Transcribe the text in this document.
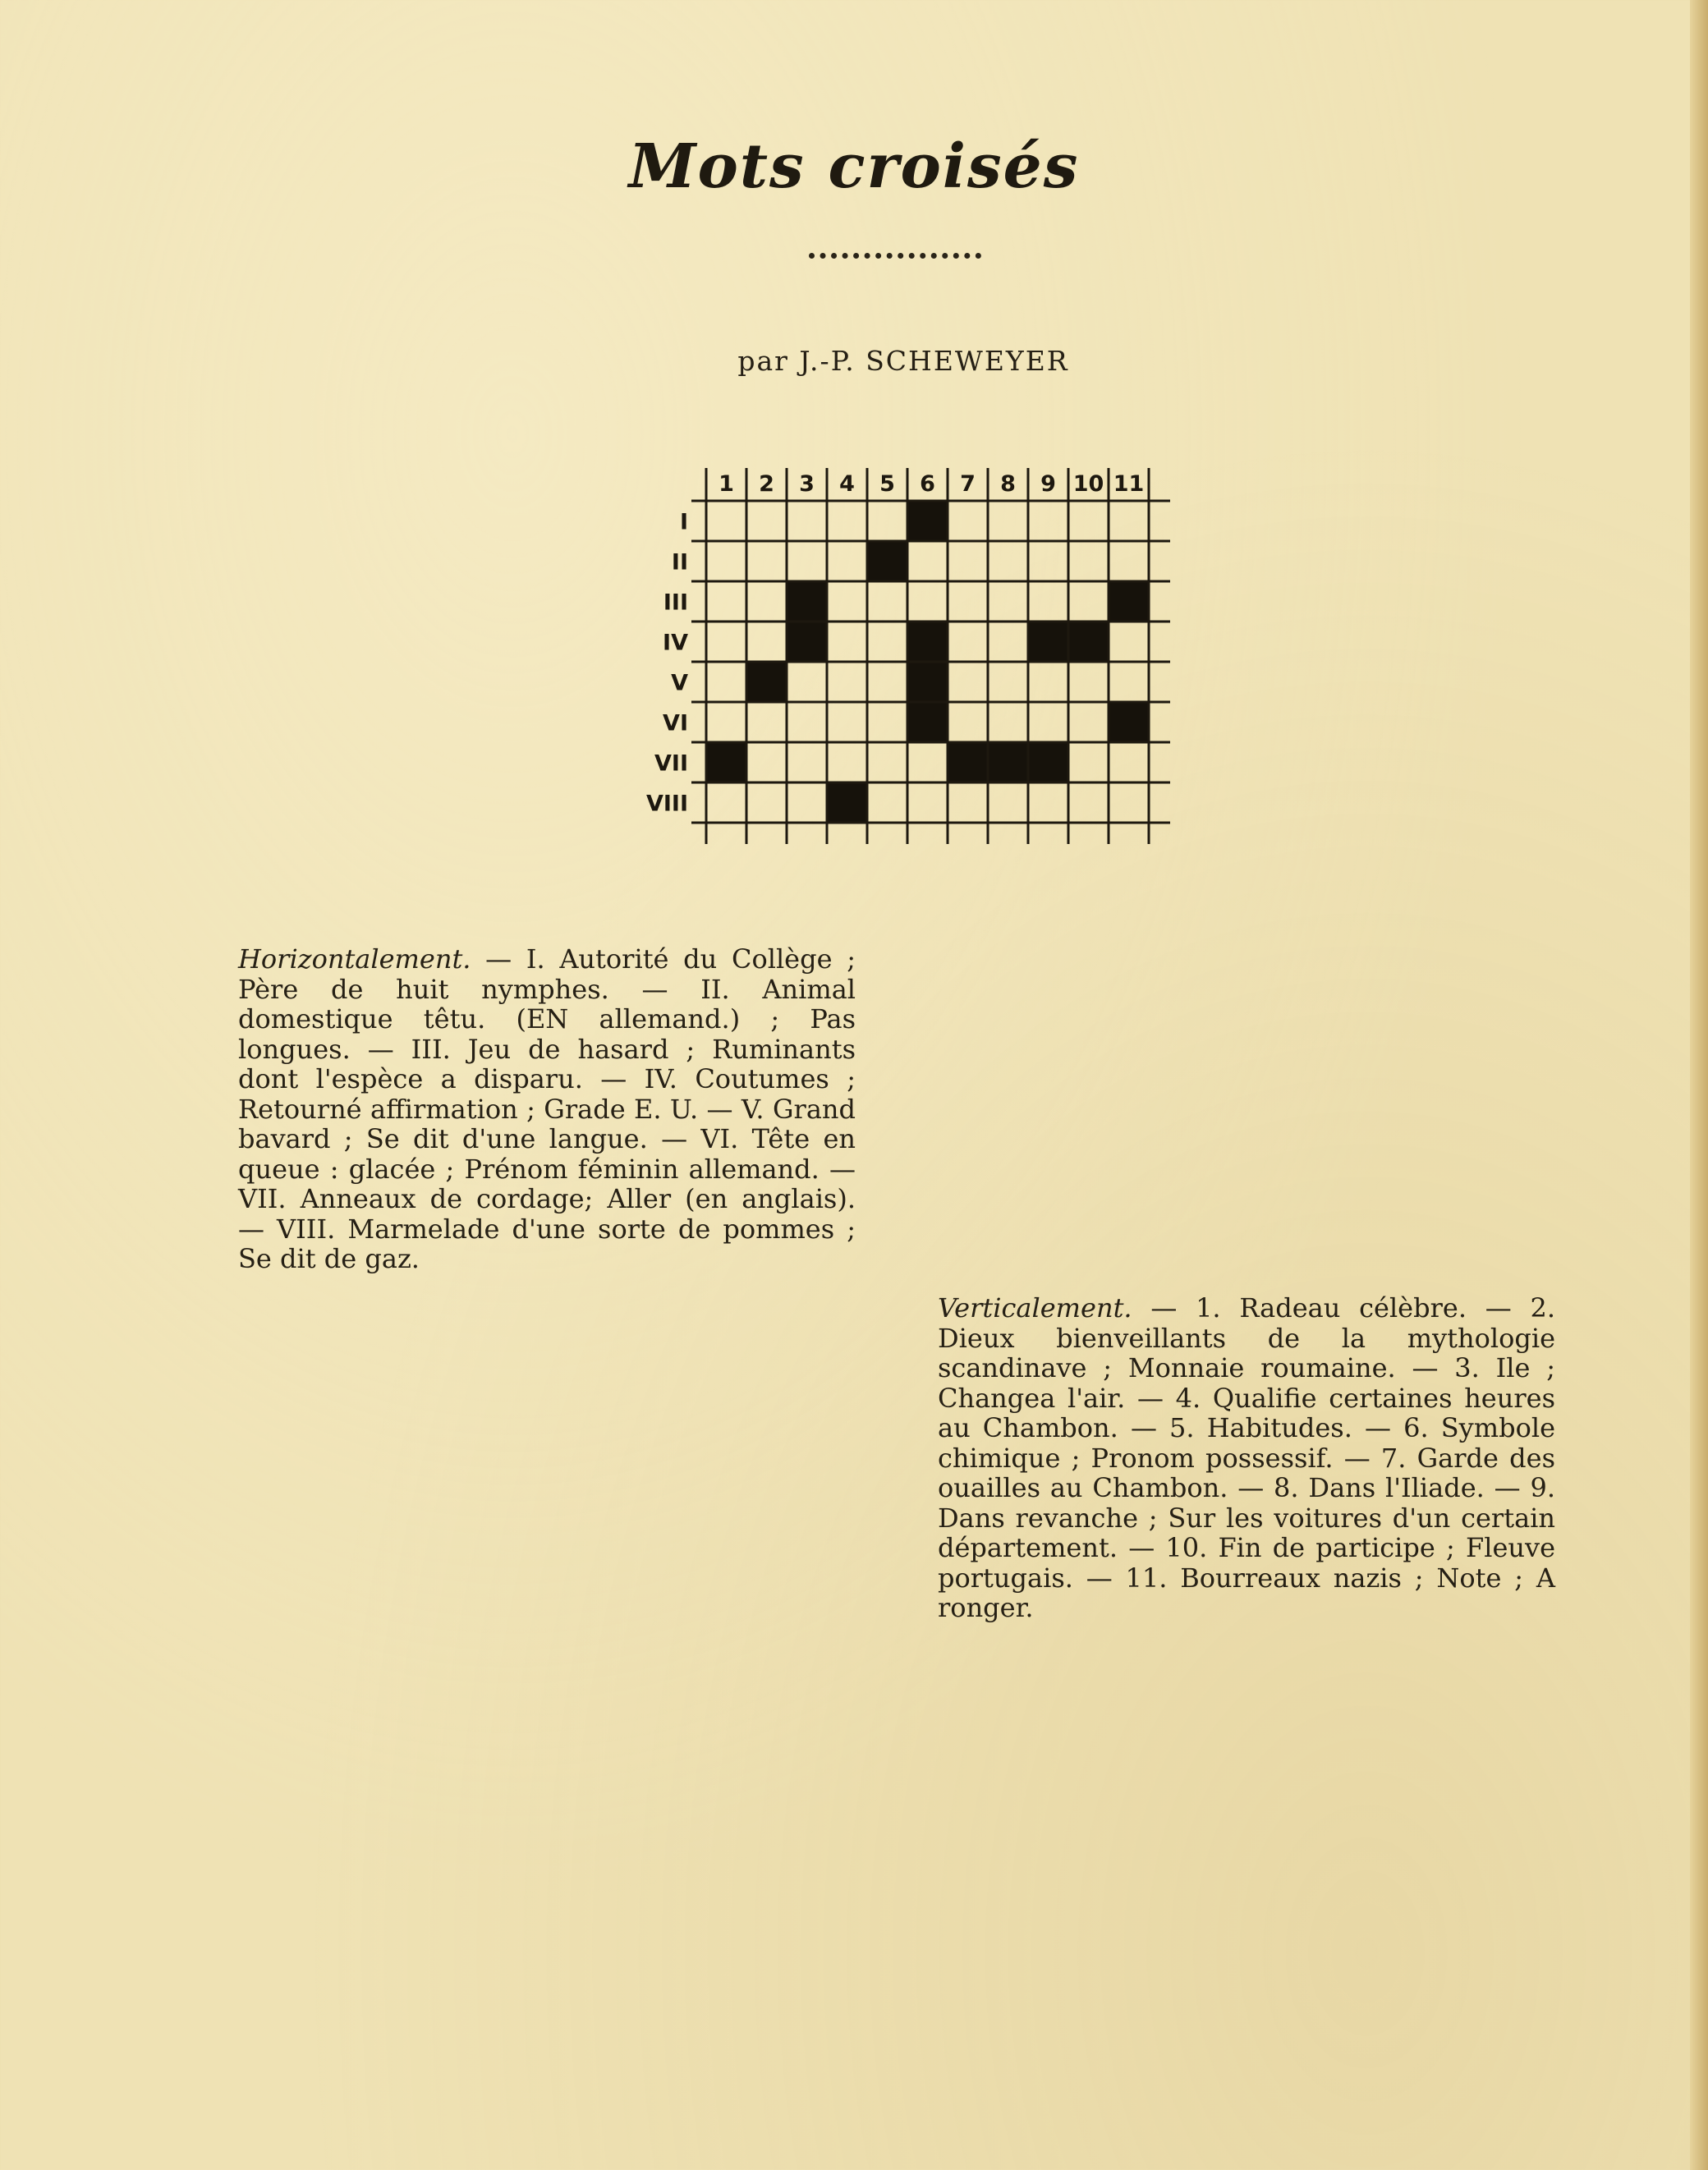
Mots croisés
par J.-P. SCHEWEYER
1 2 3 4 5 6 7 8 9 10 11
I
II
III
IV
V
VI
VII
VIII
Horizontalement. — I. Autorité du Collège ; Père de huit nymphes. — II. Animal domestique têtu. (EN allemand.) ; Pas longues. — III. Jeu de hasard ; Ruminants dont l'espèce a disparu. — IV. Coutumes ; Retourné affirmation ; Grade E. U. — V. Grand bavard ; Se dit d'une langue. — VI. Tête en queue : glacée ; Prénom féminin allemand. — VII. Anneaux de cordage; Aller (en anglais). — VIII. Marmelade d'une sorte de pommes ; Se dit de gaz.
Verticalement. — 1. Radeau célèbre. — 2. Dieux bienveillants de la mythologie scandinave ; Monnaie roumaine. — 3. Ile ; Changea l'air. — 4. Qualifie certaines heures au Chambon. — 5. Habitudes. — 6. Symbole chimique ; Pronom possessif. — 7. Garde des ouailles au Chambon. — 8. Dans l'Iliade. — 9. Dans revanche ; Sur les voitures d'un certain département. — 10. Fin de participe ; Fleuve portugais. — 11. Bourreaux nazis ; Note ; A ronger.
